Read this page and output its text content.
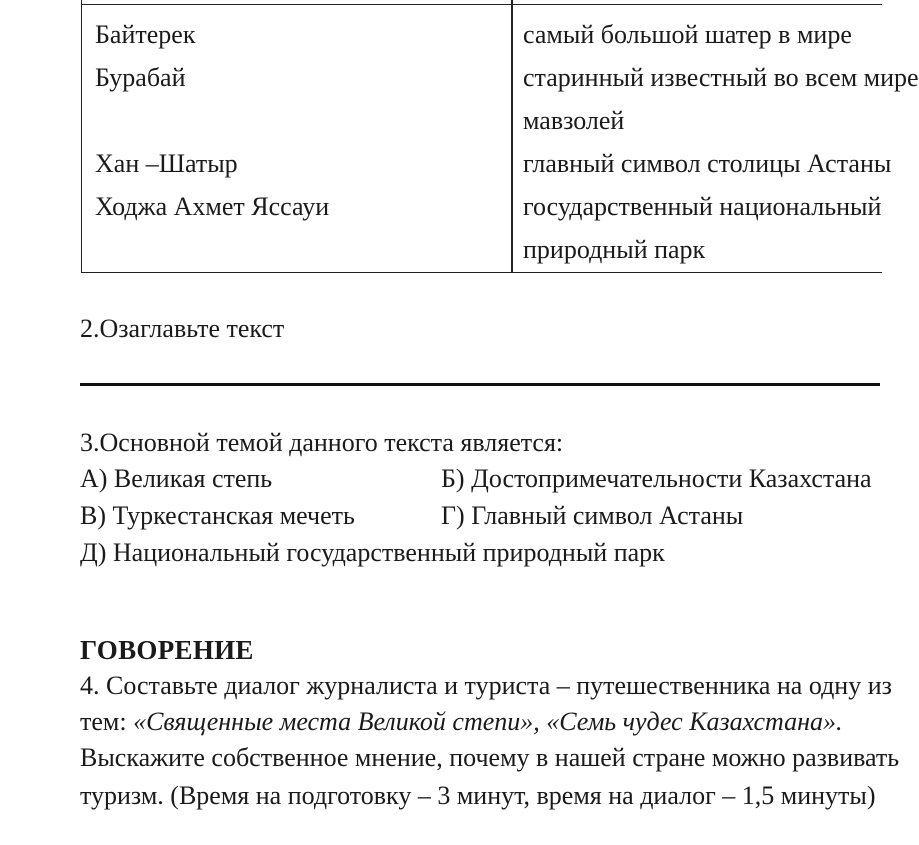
Байтерек	самый большой шатер в мире
Бурабай	старинный известный во всем мире
мавзолей
Хан –Шатыр	главный символ столицы Астаны
Ходжа Ахмет Яссауи	государственный национальный
природный парк
2.Озаглавьте текст
3.Основной темой данного текста является:
А) Великая степь	Б) Достопримечательности Казахстана
В) Туркестанская мечеть	Г) Главный символ Астаны
Д) Национальный государственный природный парк
ГОВОРЕНИЕ
4. Составьте диалог журналиста и туриста – путешественника на одну из
тем: «Священные места Великой степи», «Семь чудес Казахстана».
Выскажите собственное мнение, почему в нашей стране можно развивать
туризм. (Время на подготовку – 3 минут, время на диалог – 1,5 минуты)
